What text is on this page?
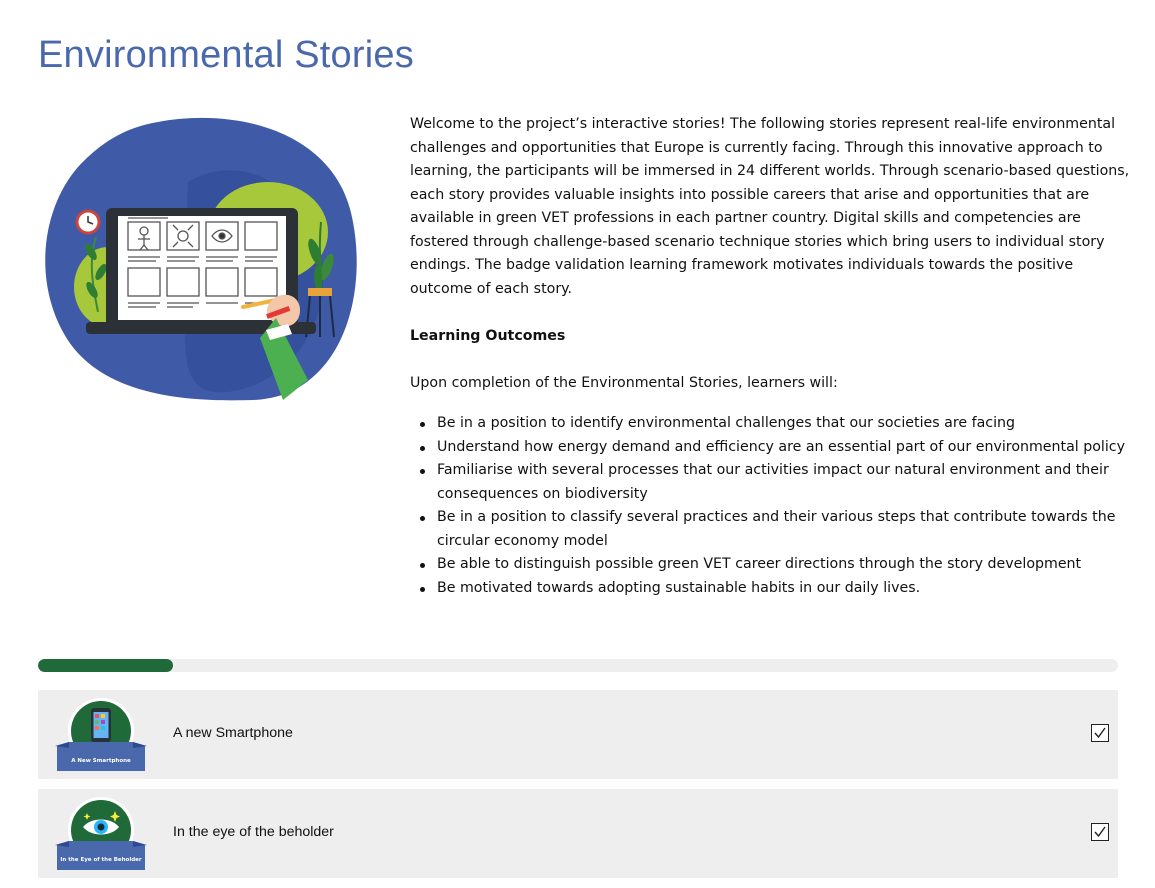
Environmental Stories

Welcome to the project’s interactive stories! The following stories represent real-life environmental challenges and opportunities that Europe is currently facing. Through this innovative approach to learning, the participants will be immersed in 24 different worlds. Through scenario-based questions, each story provides valuable insights into possible careers that arise and opportunities that are available in green VET professions in each partner country. Digital skills and competencies are fostered through challenge-based scenario technique stories which bring users to individual story endings. The badge validation learning framework motivates individuals towards the positive outcome of each story.

Learning Outcomes

Upon completion of the Environmental Stories, learners will:

Be in a position to identify environmental challenges that our societies are facing
Understand how energy demand and efficiency are an essential part of our environmental policy
Familiarise with several processes that our activities impact our natural environment and their consequences on biodiversity
Be in a position to classify several practices and their various steps that contribute towards the circular economy model
Be able to distinguish possible green VET career directions through the story development
Be motivated towards adopting sustainable habits in our daily lives.
A New Smartphone
A new Smartphone
In the Eye of the Beholder
In the eye of the beholder
